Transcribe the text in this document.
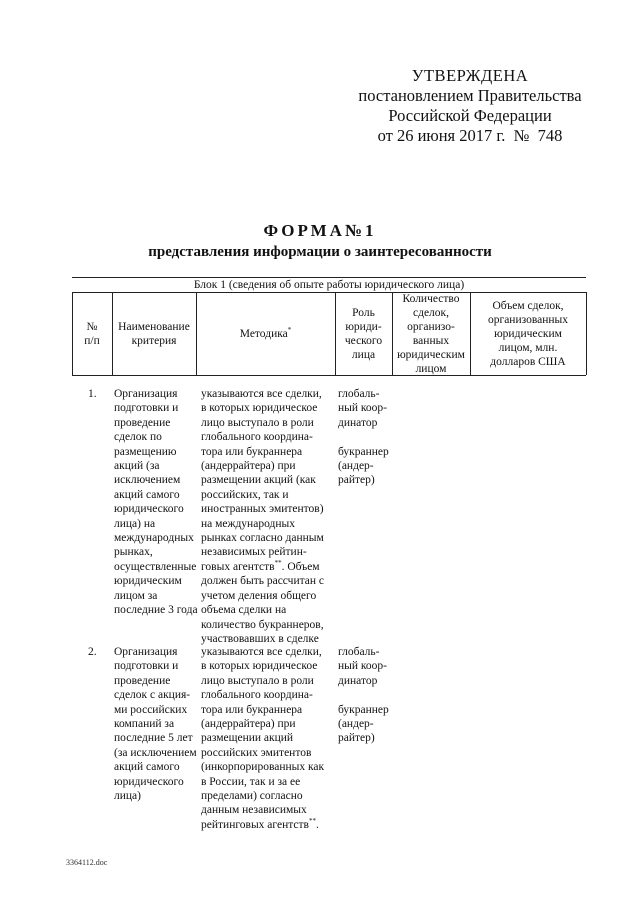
УТВЕРЖДЕНА
постановлением Правительства
Российской Федерации
от 26 июня 2017 г.  №  748
ФОРМА№1
представления информации о заинтересованности
Блок 1 (сведения об опыте работы юридического лица)
№
п/п
Наименование
критерия
Методика*
Роль
юриди-
ческого
лица
Количество
сделок,
организо-
ванных
юридическим
лицом
Объем сделок,
организованных
юридическим
лицом, млн.
долларов США
1. Организация
подготовки и
проведение
сделок по
размещению
акций (за
исключением
акций самого
юридического
лица) на
международных
рынках,
осуществленные
юридическим
лицом за
последние 3 года
указываются все сделки,
в которых юридическое
лицо выступало в роли
глобального координа-
тора или букраннера
(андеррайтера) при
размещении акций (как
российских, так и
иностранных эмитентов)
на международных
рынках согласно данным
независимых рейтин-
говых агентств**. Объем
должен быть рассчитан с
учетом деления общего
объема сделки на
количество букраннеров,
участвовавших в сделке
глобаль-
ный коор-
динатор

букраннер
(андер-
райтер)
2. Организация
подготовки и
проведение
сделок с акция-
ми российских
компаний за
последние 5 лет
(за исключением
акций самого
юридического
лица)
указываются все сделки,
в которых юридическое
лицо выступало в роли
глобального координа-
тора или букраннера
(андеррайтера) при
размещении акций
российских эмитентов
(инкорпорированных как
в России, так и за ее
пределами) согласно
данным независимых
рейтинговых агентств**.
глобаль-
ный коор-
динатор

букраннер
(андер-
райтер)
3364112.doc
